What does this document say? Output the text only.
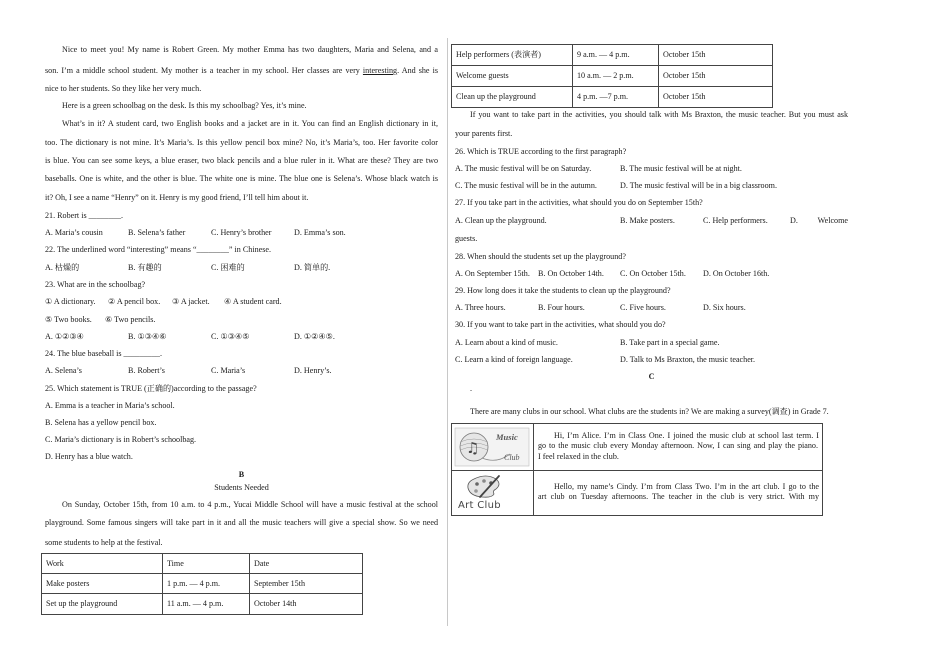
Nice to meet you! My name is Robert Green. My mother Emma has two daughters, Maria and Selena, and a
son. I’m a middle school student. My mother is a teacher in my school. Her classes are very interesting. And she is
nice to her students. So they like her very much.
Here is a green schoolbag on the desk. Is this my schoolbag? Yes, it’s mine.
What’s in it? A student card, two English books and a jacket are in it. You can find an English dictionary in it,
too. The dictionary is not mine. It’s Maria’s. Is this yellow pencil box mine? No, it’s Maria’s, too. Her favorite color
is blue. You can see some keys, a blue eraser, two black pencils and a blue ruler in it. What are these? They are two
baseballs. One is white, and the other is blue. The white one is mine. The blue one is Selena’s. Whose black watch is
it? Oh, I see a name “Henry” on it. Henry is my good friend, I’ll tell him about it.
21. Robert is ________.
A. Maria’s cousin	B. Selena’s father	C. Henry’s brother	D. Emma’s son.
22. The underlined word “interesting” means “________” in Chinese.
A. 枯燥的	B. 有趣的	C. 困难的	D. 简单的.
23. What are in the schoolbag?
① A dictionary. ② A pencil box. ③ A jacket. ④ A student card.
⑤ Two books. ⑥ Two pencils.
A. ①②③④	B. ①③④⑥	C. ①③④⑤	D. ①②④⑤.
24. The blue baseball is _________.
A. Selena’s	B. Robert’s	C. Maria’s	D. Henry’s.
25. Which statement is TRUE (正确的)according to the passage?
A. Emma is a teacher in Maria’s school.
B. Selena has a yellow pencil box.
C. Maria’s dictionary is in Robert’s schoolbag.
D. Henry has a blue watch.
B
Students Needed
On Sunday, October 15th, from 10 a.m. to 4 p.m., Yucai Middle School will have a music festival at the school
playground. Some famous singers will take part in it and all the music teachers will give a special show. So we need
some students to help at the festival.
Work	Time	Date
Make posters	1 p.m. — 4 p.m.	September 15th
Set up the playground	11 a.m. — 4 p.m.	October 14th
Help performers (表演者)	9 a.m. — 4 p.m.	October 15th
Welcome guests	10 a.m. — 2 p.m.	October 15th
Clean up the playground	4 p.m. —7 p.m.	October 15th
If you want to take part in the activities, you should talk with Ms Braxton, the music teacher. But you must ask
your parents first.
26. Which is TRUE according to the first paragraph?
A. The music festival will be on Saturday.	B. The music festival will be at night.
C. The music festival will be in the autumn.	D. The music festival will be in a big classroom.
27. If you take part in the activities, what should you do on September 15th?
A. Clean up the playground.	B. Make posters.	C. Help performers.	D. Welcome
guests.
28. When should the students set up the playground?
A. On September 15th. B. On October 14th. C. On October 15th. D. On October 16th.
29. How long does it take the students to clean up the playground?
A. Three hours.	B. Four hours.	C. Five hours.	D. Six hours.
30. If you want to take part in the activities, what should you do?
A. Learn about a kind of music.	B. Take part in a special game.
C. Learn a kind of foreign language.	D. Talk to Ms Braxton, the music teacher.
C
.
There are many clubs in our school. What clubs are the students in? We are making a survey(调查) in Grade 7.
♫
Music
Club
Hi, I’m Alice. I’m in Class One. I joined the music club at school last term. I
go to the music club every Monday afternoon. Now, I can sing and play the piano.
I feel relaxed in the club.
Art Club
Hello, my name’s Cindy. I’m from Class Two. I’m in the art club. I go to the
art club on Tuesday afternoons. The teacher in the club is very strict. With my
